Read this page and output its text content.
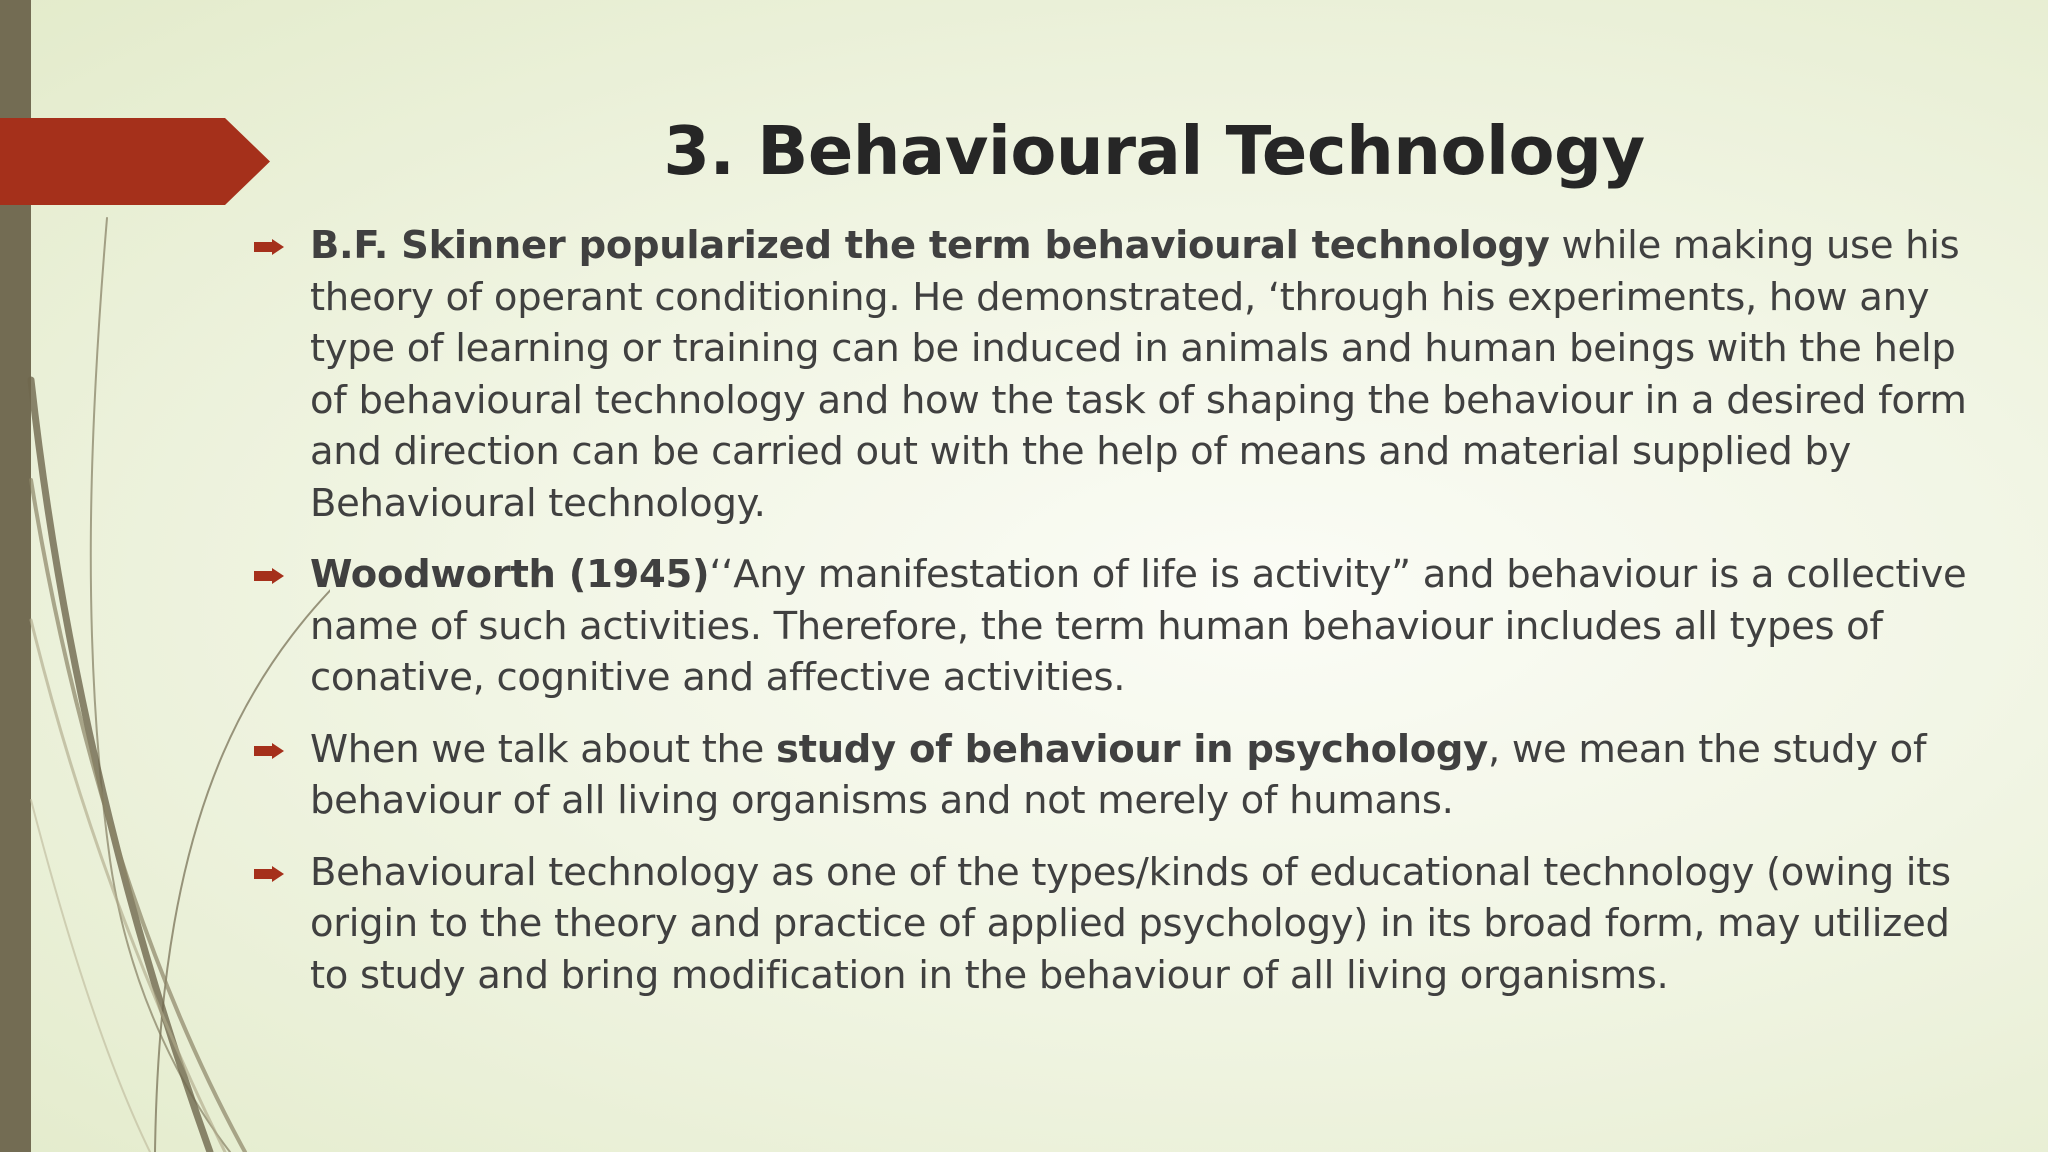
3. Behavioural Technology
B.F. Skinner popularized the term behavioural technology while making use his theory of operant conditioning. He demonstrated, ‘through his experiments, how any type of learning or training can be induced in animals and human beings with the help of behavioural technology and how the task of shaping the behaviour in a desired form and direction can be carried out with the help of means and material supplied by Behavioural technology.
Woodworth (1945)‘‘Any manifestation of life is activity” and behaviour is a collective name of such activities. Therefore, the term human behaviour includes all types of conative, cognitive and affective activities.
When we talk about the study of behaviour in psychology, we mean the study of behaviour of all living organisms and not merely of humans.
Behavioural technology as one of the types/kinds of educational technology (owing its origin to the theory and practice of applied psychology) in its broad form, may utilized to study and bring modification in the behaviour of all living organisms.
